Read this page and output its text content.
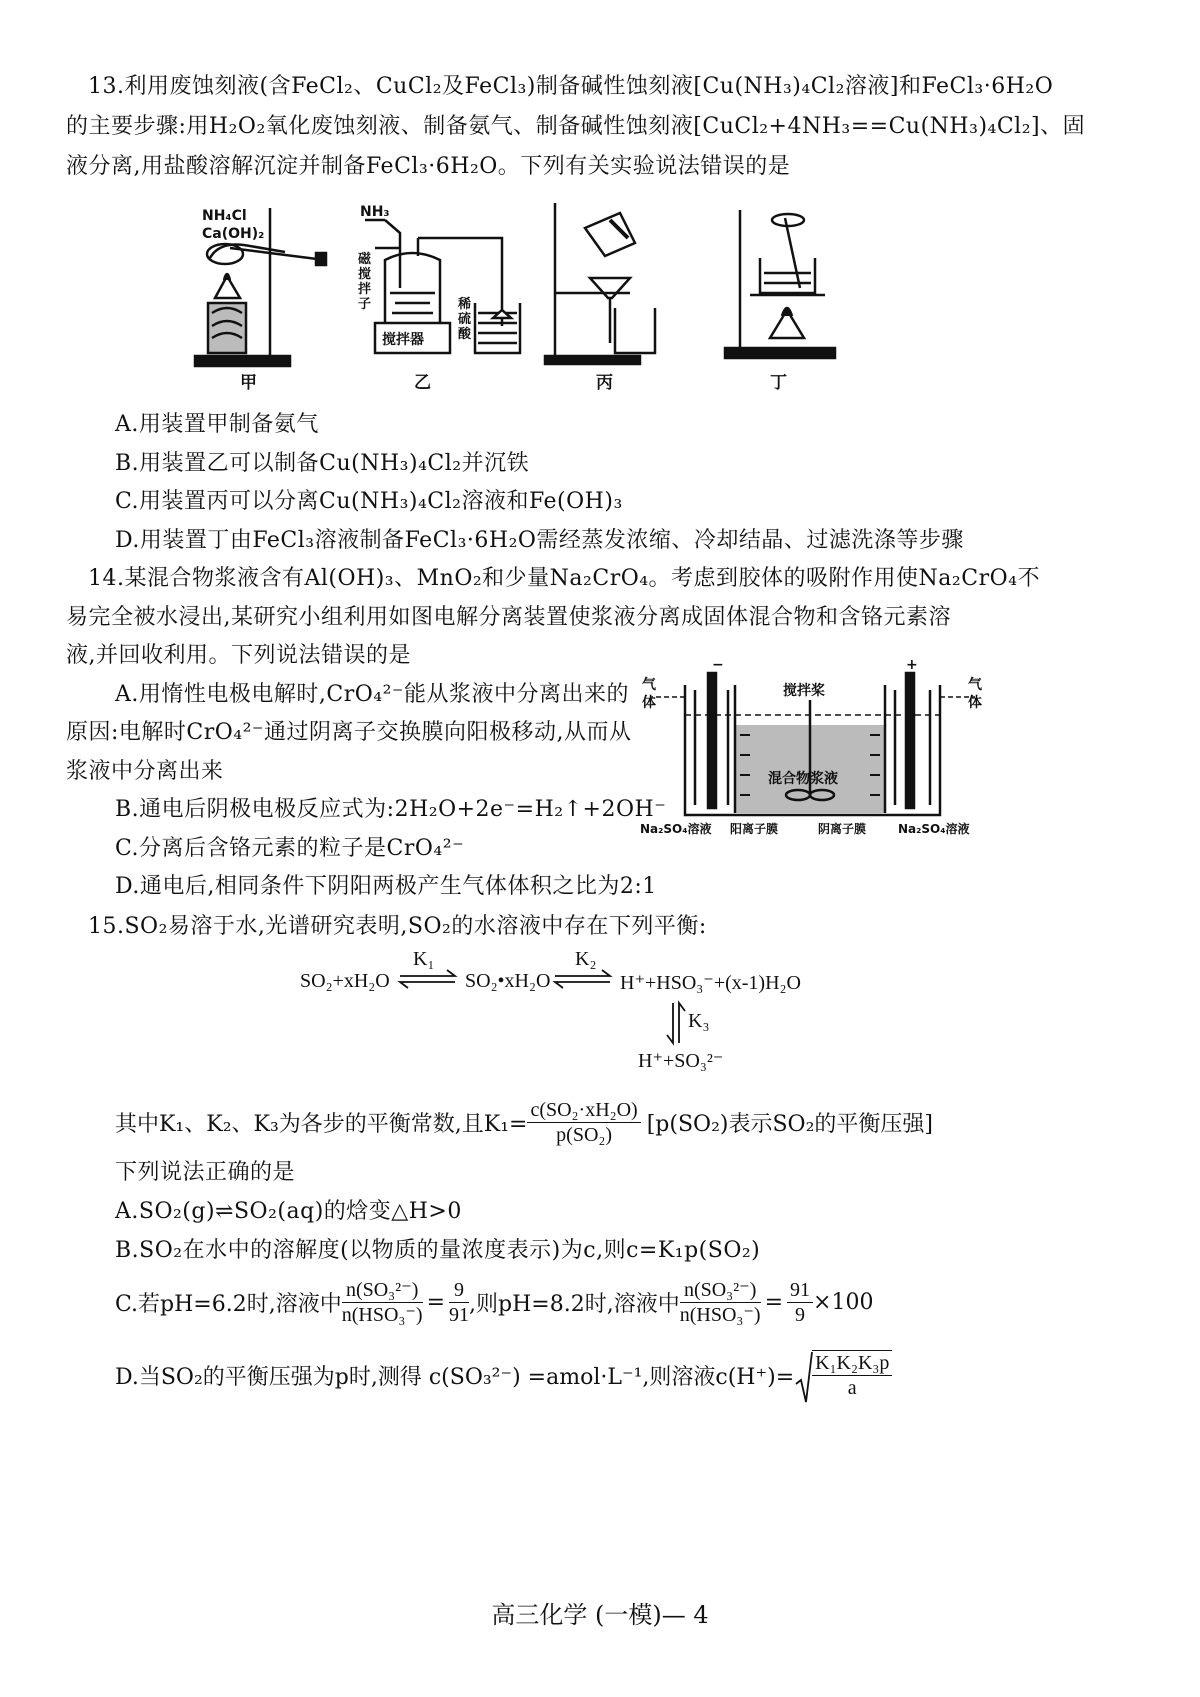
13.利用废蚀刻液(含FeCl₂、CuCl₂及FeCl₃)制备碱性蚀刻液[Cu(NH₃)₄Cl₂溶液]和FeCl₃·6H₂O
的主要步骤:用H₂O₂氧化废蚀刻液、制备氨气、制备碱性蚀刻液[CuCl₂+4NH₃==Cu(NH₃)₄Cl₂]、固
液分离,用盐酸溶解沉淀并制备FeCl₃·6H₂O。下列有关实验说法错误的是
NH₄Cl
Ca(OH)₂
NH₃
搅拌器
磁搅拌子	稀硫酸
甲	乙	丙	丁
A.用装置甲制备氨气
B.用装置乙可以制备Cu(NH₃)₄Cl₂并沉铁
C.用装置丙可以分离Cu(NH₃)₄Cl₂溶液和Fe(OH)₃
D.用装置丁由FeCl₃溶液制备FeCl₃·6H₂O需经蒸发浓缩、冷却结晶、过滤洗涤等步骤
14.某混合物浆液含有Al(OH)₃、MnO₂和少量Na₂CrO₄。考虑到胶体的吸附作用使Na₂CrO₄不
易完全被水浸出,某研究小组利用如图电解分离装置使浆液分离成固体混合物和含铬元素溶
液,并回收利用。下列说法错误的是
A.用惰性电极电解时,CrO₄²⁻能从浆液中分离出来的
原因:电解时CrO₄²⁻通过阴离子交换膜向阳极移动,从而从
浆液中分离出来
B.通电后阴极电极反应式为:2H₂O+2e⁻=H₂↑+2OH⁻
C.分离后含铬元素的粒子是CrO₄²⁻
D.通电后,相同条件下阴阳两极产生气体体积之比为2:1
−	+
搅拌桨
混合物浆液
Na₂SO₄溶液 阳离子膜	阴离子膜	Na₂SO₄溶液
气体
气体
15.SO₂易溶于水,光谱研究表明,SO₂的水溶液中存在下列平衡:
SO₂+xH₂O
K₁
SO₂•xH₂O
K₂
H⁺+HSO₃⁻+(x-1)H₂O
K₃
H⁺+SO₃²⁻
其中K₁、K₂、K₃为各步的平衡常数,且$K_1= \frac{\text{c(SO₂·xH₂O)}}{\text{p(SO₂)}} [p(SO_2)$表示SO₂的平衡压强]
下列说法正确的是
A.SO₂(g)⇌SO₂(aq)的焓变△H>0
B.SO₂在水中的溶解度(以物质的量浓度表示)为c,则c=K₁p(SO₂)
C.若pH=6.2时,溶液中 $\frac{\text{n(SO₃²⁻)}}{\text{n(HSO₃⁻)}} = \frac{9}{91}$ ,则pH=8.2时,溶液中 $\frac{\text{n(SO₃²⁻)}}{\text{n(HSO₃⁻)}} = \frac{91}{9} \times 100$
D.当SO₂的平衡压强为p时,测得 c(SO₃²⁻) =amol·L⁻¹,则溶液$c(H^+)= \frac{\text{K₁K₂K₃p}}{a}$
高三化学 (一模)— 4
